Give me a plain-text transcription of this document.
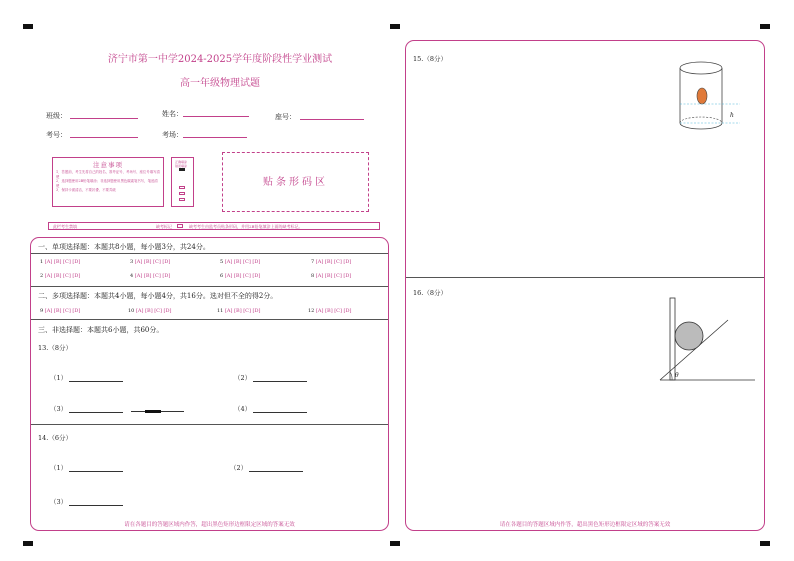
济宁市第一中学2024-2025学年度阶段性学业测试
高一年级物理试题
班级：	姓名：	座号：
考号：	考场：
注意事项
1．答题前，考生先将自己的姓名、准考证号、考场号、座位号填写清楚
2．选择题使用2B铅笔填涂；非选择题使用黑色碳素笔书写，笔迹清楚
3．保持卡面清洁，不要折叠、不要弄破
正确填涂 错误填涂
贴条形码区
此栏考生禁填	缺考标记	缺考考生由监考员贴条形码，并用2B铅笔填涂上面的缺考标记。
一、单项选择题：本题共8小题，每小题3分，共24分。
1 [A] [B] [C] [D]	3 [A] [B] [C] [D]	5 [A] [B] [C] [D]	7 [A] [B] [C] [D]
2 [A] [B] [C] [D]	4 [A] [B] [C] [D]	6 [A] [B] [C] [D]	8 [A] [B] [C] [D]
二、多项选择题：本题共4小题，每小题4分，共16分。选对但不全的得2分。
9 [A] [B] [C] [D]	10 [A] [B] [C] [D]	11 [A] [B] [C] [D]	12 [A] [B] [C] [D]
三、非选择题：本题共6小题，共60分。
13.（8分）
（1）	（2）
（3）	（4）
14.（6分）
（1）	（2）
（3）
请在各题目的答题区域内作答，超出黑色矩形边框限定区域的答案无效
15.（8分）
h
16.（8分）
θ
请在各题目的答题区域内作答，超出黑色矩形边框限定区域的答案无效
